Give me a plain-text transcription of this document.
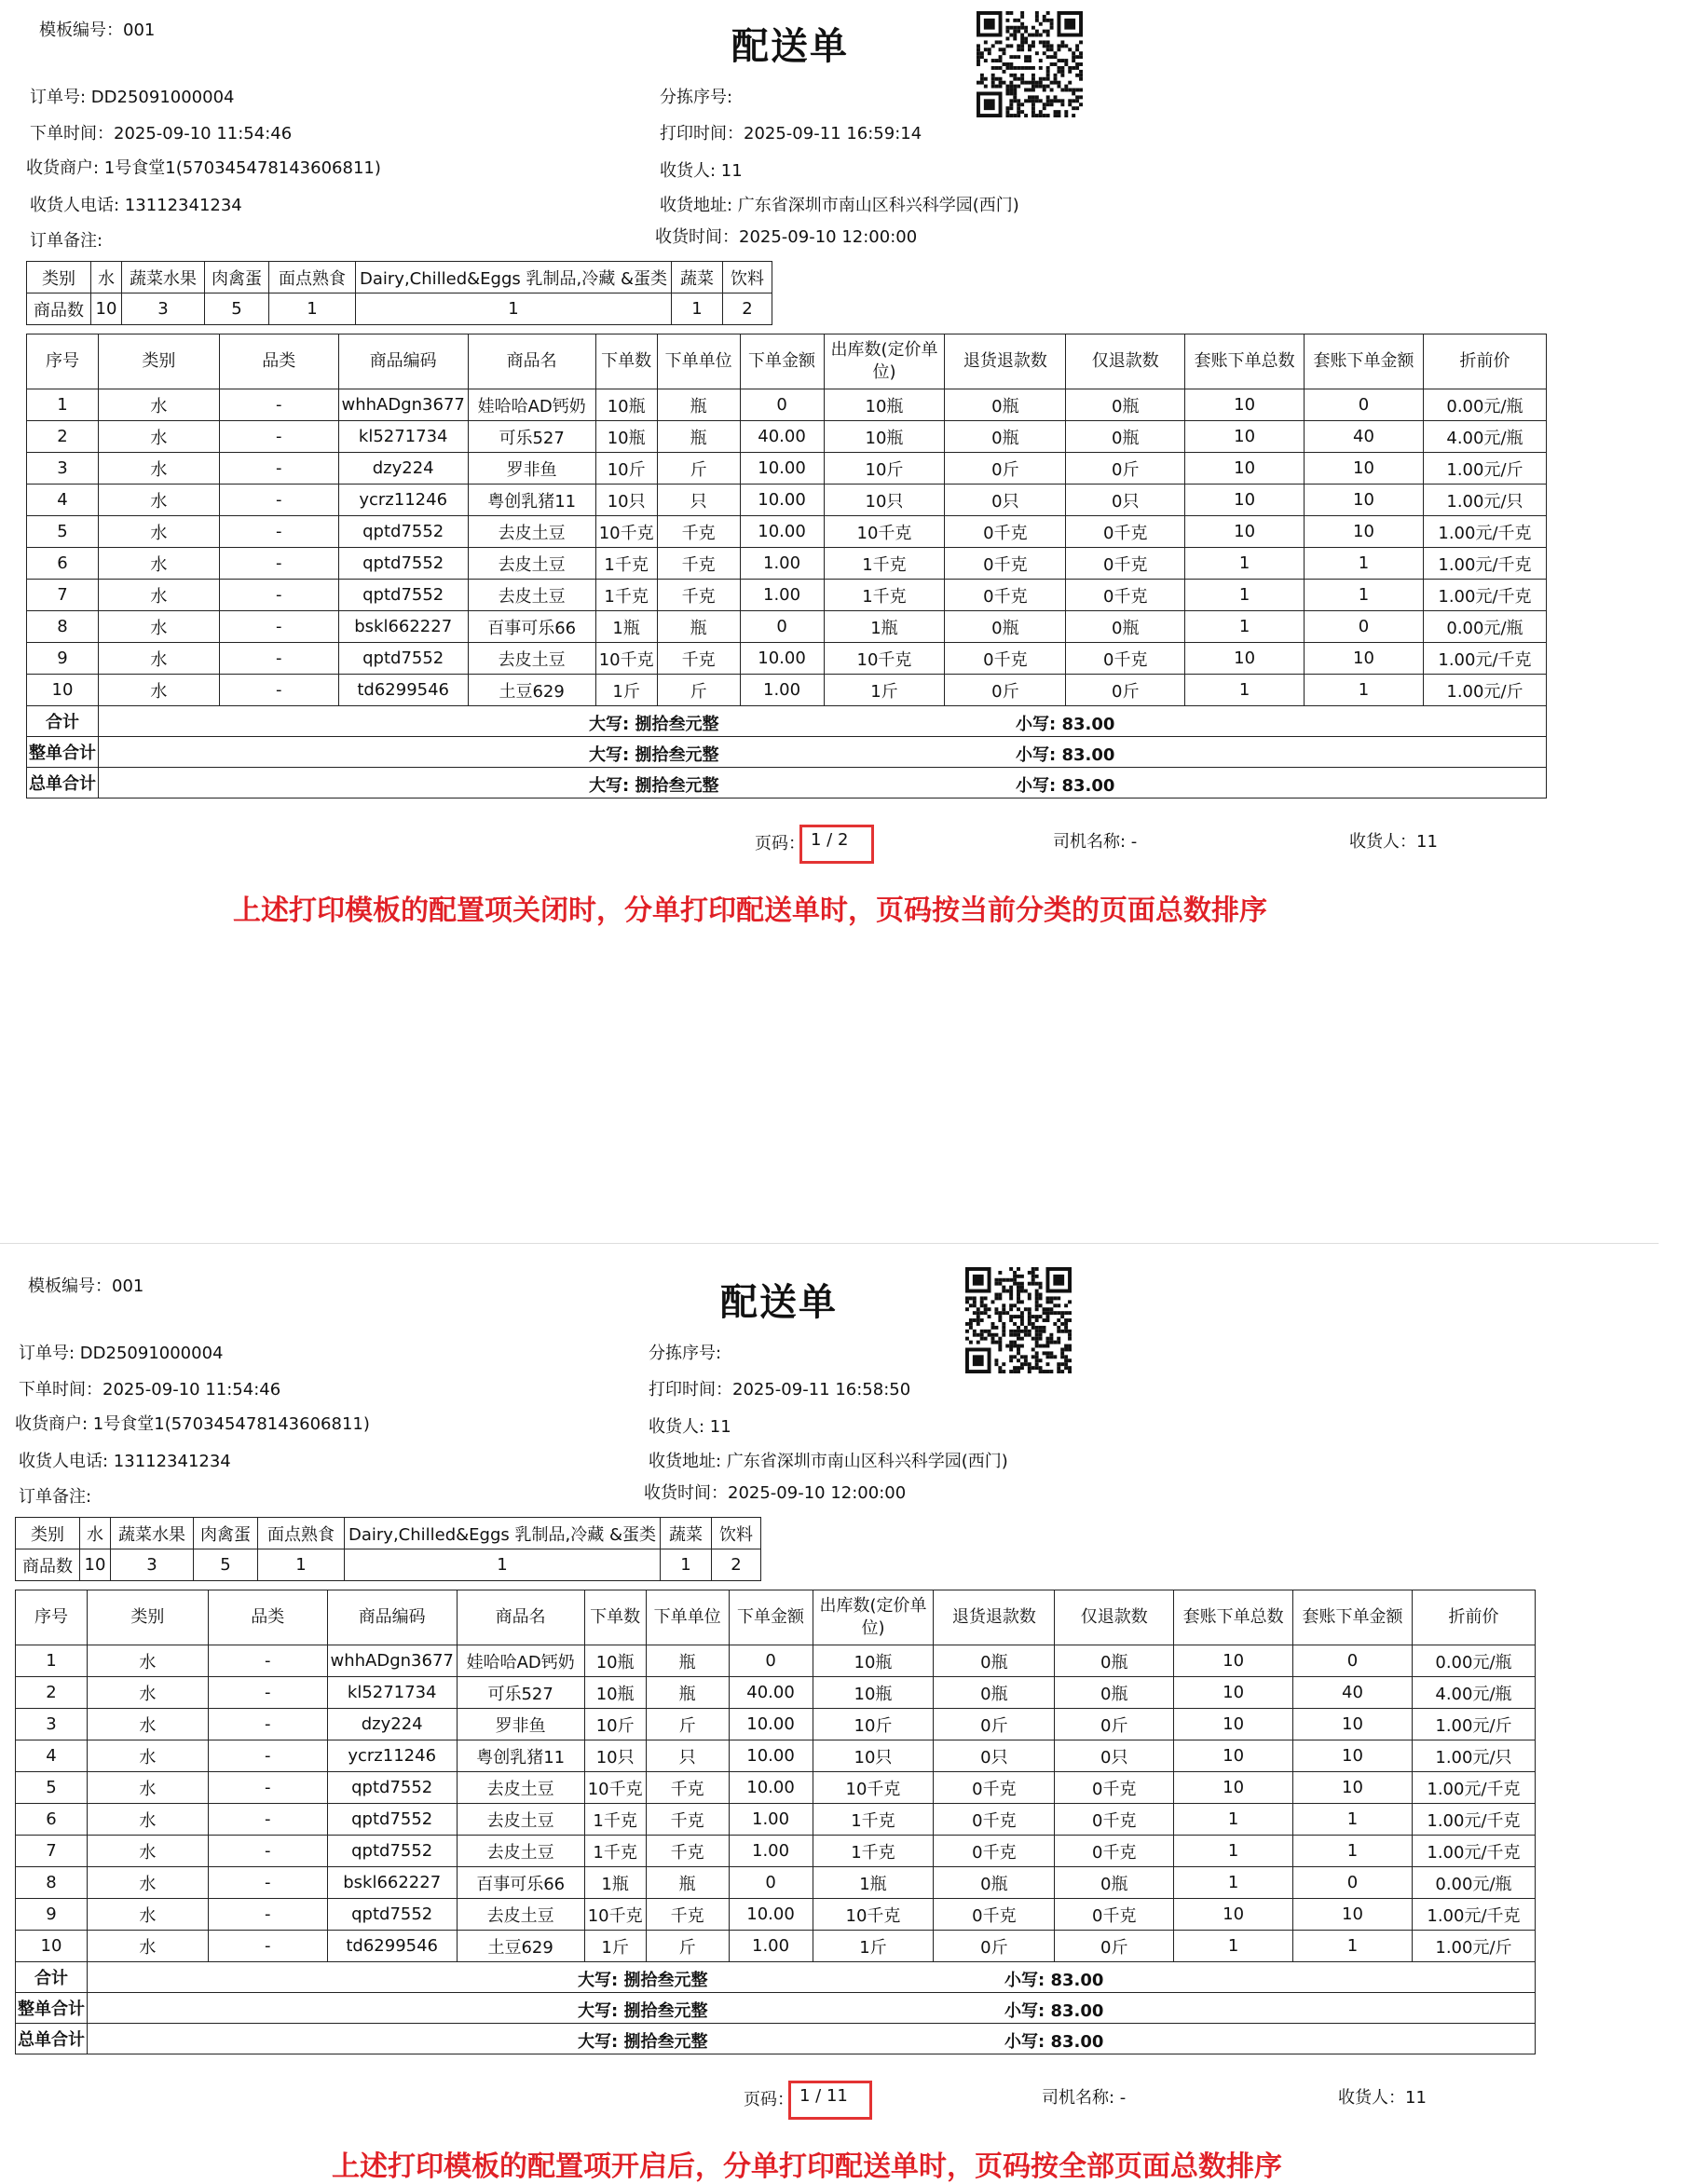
模板编号：001	配送单
订单号: DD25091000004	分拣序号:
下单时间：2025-09-10 11:54:46	打印时间：2025-09-11 16:59:14
收货商户: 1号食堂1(570345478143606811)	收货人: 11
收货人电话: 13112341234	收货地址: 广东省深圳市南山区科兴科学园(西门)
订单备注:	收货时间：2025-09-10 12:00:00
类别	水	蔬菜水果	肉禽蛋	面点熟食	Dairy,Chilled&Eggs 乳制品,冷藏 &蛋类	蔬菜	饮料
商品数	10	3	5	1	1	1	2
序号	类别	品类	商品编码	商品名	下单数	下单单位	下单金额	出库数(定价单位)	退货退款数	仅退款数	套账下单总数	套账下单金额	折前价
1	水	-	whhADgn3677	娃哈哈AD钙奶	10瓶	瓶	0	10瓶	0瓶	0瓶	10	0	0.00元/瓶
2	水	-	kl5271734	可乐527	10瓶	瓶	40.00	10瓶	0瓶	0瓶	10	40	4.00元/瓶
3	水	-	dzy224	罗非鱼	10斤	斤	10.00	10斤	0斤	0斤	10	10	1.00元/斤
4	水	-	ycrz11246	粤创乳猪11	10只	只	10.00	10只	0只	0只	10	10	1.00元/只
5	水	-	qptd7552	去皮土豆	10千克	千克	10.00	10千克	0千克	0千克	10	10	1.00元/千克
6	水	-	qptd7552	去皮土豆	1千克	千克	1.00	1千克	0千克	0千克	1	1	1.00元/千克
7	水	-	qptd7552	去皮土豆	1千克	千克	1.00	1千克	0千克	0千克	1	1	1.00元/千克
8	水	-	bskl662227	百事可乐66	1瓶	瓶	0	1瓶	0瓶	0瓶	1	0	0.00元/瓶
9	水	-	qptd7552	去皮土豆	10千克	千克	10.00	10千克	0千克	0千克	10	10	1.00元/千克
10	水	-	td6299546	土豆629	1斤	斤	1.00	1斤	0斤	0斤	1	1	1.00元/斤
合计	大写: 捌拾叁元整 小写: 83.00												

整单合计	大写: 捌拾叁元整 小写: 83.00												

总单合计	大写: 捌拾叁元整 小写: 83.00												
页码： 1 / 2	司机名称: -	收货人：11
上述打印模板的配置项关闭时，分单打印配送单时，页码按当前分类的页面总数排序
模板编号：001	配送单
订单号: DD25091000004	分拣序号:
下单时间：2025-09-10 11:54:46	打印时间：2025-09-11 16:58:50
收货商户: 1号食堂1(570345478143606811)	收货人: 11
收货人电话: 13112341234	收货地址: 广东省深圳市南山区科兴科学园(西门)
订单备注:	收货时间：2025-09-10 12:00:00
类别	水	蔬菜水果	肉禽蛋	面点熟食	Dairy,Chilled&Eggs 乳制品,冷藏 &蛋类	蔬菜	饮料
商品数	10	3	5	1	1	1	2
序号	类别	品类	商品编码	商品名	下单数	下单单位	下单金额	出库数(定价单位)	退货退款数	仅退款数	套账下单总数	套账下单金额	折前价
1	水	-	whhADgn3677	娃哈哈AD钙奶	10瓶	瓶	0	10瓶	0瓶	0瓶	10	0	0.00元/瓶
2	水	-	kl5271734	可乐527	10瓶	瓶	40.00	10瓶	0瓶	0瓶	10	40	4.00元/瓶
3	水	-	dzy224	罗非鱼	10斤	斤	10.00	10斤	0斤	0斤	10	10	1.00元/斤
4	水	-	ycrz11246	粤创乳猪11	10只	只	10.00	10只	0只	0只	10	10	1.00元/只
5	水	-	qptd7552	去皮土豆	10千克	千克	10.00	10千克	0千克	0千克	10	10	1.00元/千克
6	水	-	qptd7552	去皮土豆	1千克	千克	1.00	1千克	0千克	0千克	1	1	1.00元/千克
7	水	-	qptd7552	去皮土豆	1千克	千克	1.00	1千克	0千克	0千克	1	1	1.00元/千克
8	水	-	bskl662227	百事可乐66	1瓶	瓶	0	1瓶	0瓶	0瓶	1	0	0.00元/瓶
9	水	-	qptd7552	去皮土豆	10千克	千克	10.00	10千克	0千克	0千克	10	10	1.00元/千克
10	水	-	td6299546	土豆629	1斤	斤	1.00	1斤	0斤	0斤	1	1	1.00元/斤
合计	大写: 捌拾叁元整 小写: 83.00												

整单合计	大写: 捌拾叁元整 小写: 83.00												

总单合计	大写: 捌拾叁元整 小写: 83.00												
页码： 1 / 11	司机名称: -	收货人：11
上述打印模板的配置项开启后，分单打印配送单时，页码按全部页面总数排序
